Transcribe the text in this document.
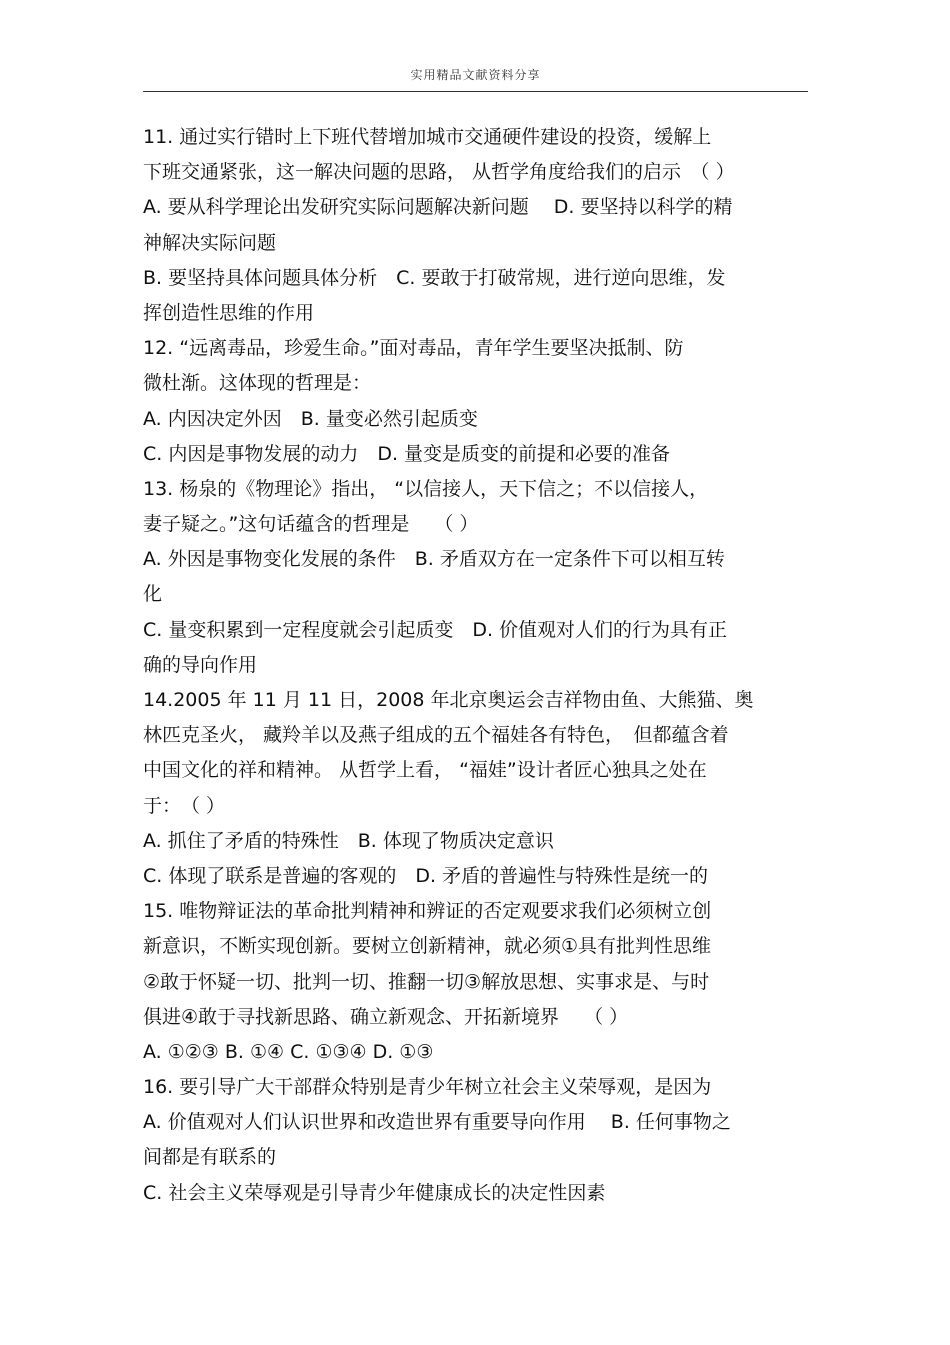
实用精品文献资料分享
11. 通过实行错时上下班代替增加城市交通硬件建设的投资，缓解上
下班交通紧张，这一解决问题的思路， 从哲学角度给我们的启示　（ ）
A. 要从科学理论出发研究实际问题解决新问题　 D. 要坚持以科学的精
神解决实际问题
B. 要坚持具体问题具体分析　C. 要敢于打破常规，进行逆向思维，发
挥创造性思维的作用
12. “远离毒品，珍爱生命。”面对毒品，青年学生要坚决抵制、防
微杜渐。这体现的哲理是：
A. 内因决定外因　B. 量变必然引起质变
C. 内因是事物发展的动力　D. 量变是质变的前提和必要的准备
13. 杨泉的《物理论》指出， “以信接人，天下信之；不以信接人，
妻子疑之。”这句话蕴含的哲理是　 （ ）
A. 外因是事物变化发展的条件　B. 矛盾双方在一定条件下可以相互转
化
C. 量变积累到一定程度就会引起质变　D. 价值观对人们的行为具有正
确的导向作用
14.2005 年 11 月 11 日，2008 年北京奥运会吉祥物由鱼、大熊猫、奥
林匹克圣火， 藏羚羊以及燕子组成的五个福娃各有特色，　但都蕴含着
中国文化的祥和精神。 从哲学上看， “福娃”设计者匠心独具之处在
于：　（ ）
A. 抓住了矛盾的特殊性　B. 体现了物质决定意识
C. 体现了联系是普遍的客观的　D. 矛盾的普遍性与特殊性是统一的
15. 唯物辩证法的革命批判精神和辨证的否定观要求我们必须树立创
新意识，不断实现创新。要树立创新精神，就必须①具有批判性思维
②敢于怀疑一切、批判一切、推翻一切③解放思想、实事求是、与时
俱进④敢于寻找新思路、确立新观念、开拓新境界　 （ ）
A. ①②③ B. ①④ C. ①③④ D. ①③
16. 要引导广大干部群众特别是青少年树立社会主义荣辱观，是因为
A. 价值观对人们认识世界和改造世界有重要导向作用　 B. 任何事物之
间都是有联系的
C. 社会主义荣辱观是引导青少年健康成长的决定性因素
